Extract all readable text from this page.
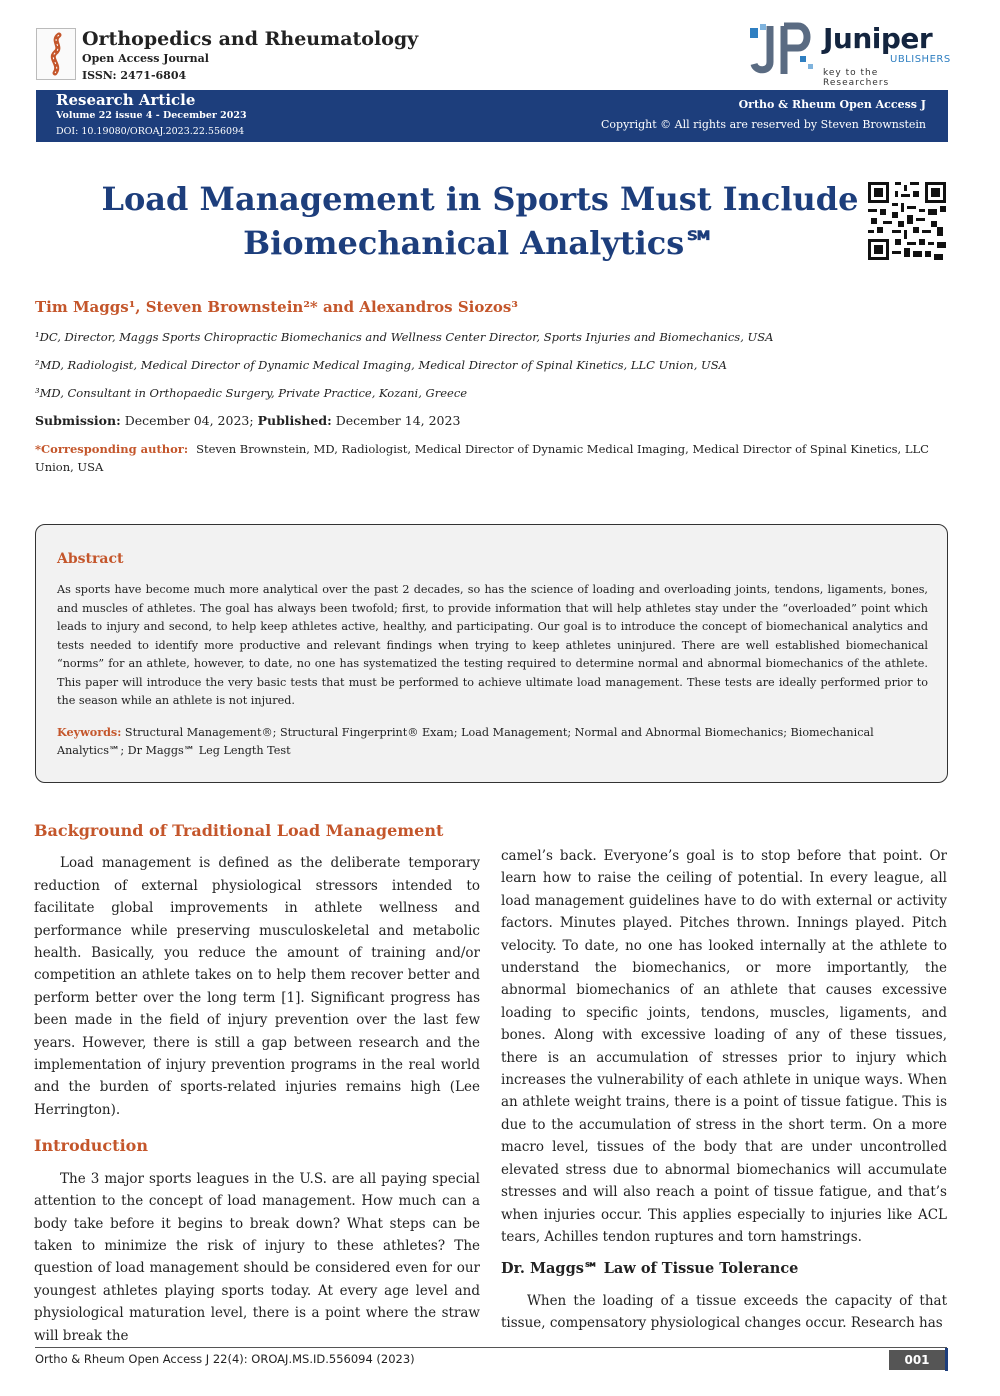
Orthopedics and Rheumatology
Open Access Journal
ISSN: 2471-6804
Juniper
UBLISHERS
key to the Researchers
Research Article
Volume 22 issue 4 - December 2023
DOI: 10.19080/OROAJ.2023.22.556094
Ortho & Rheum Open Access J
Copyright © All rights are reserved by Steven Brownstein
Load Management in Sports Must Include Biomechanical Analytics℠
Tim Maggs¹, Steven Brownstein²* and Alexandros Siozos³
¹DC, Director, Maggs Sports Chiropractic Biomechanics and Wellness Center Director, Sports Injuries and Biomechanics, USA
²MD, Radiologist, Medical Director of Dynamic Medical Imaging, Medical Director of Spinal Kinetics, LLC Union, USA
³MD, Consultant in Orthopaedic Surgery, Private Practice, Kozani, Greece
Submission: December 04, 2023; Published: December 14, 2023
*Corresponding author: Steven Brownstein, MD, Radiologist, Medical Director of Dynamic Medical Imaging, Medical Director of Spinal Kinetics, LLC Union, USA
Abstract
As sports have become much more analytical over the past 2 decades, so has the science of loading and overloading joints, tendons, ligaments, bones, and muscles of athletes. The goal has always been twofold; first, to provide information that will help athletes stay under the “overloaded” point which leads to injury and second, to help keep athletes active, healthy, and participating. Our goal is to introduce the concept of biomechanical analytics and tests needed to identify more productive and relevant findings when trying to keep athletes uninjured. There are well established biomechanical “norms” for an athlete, however, to date, no one has systematized the testing required to determine normal and abnormal biomechanics of the athlete. This paper will introduce the very basic tests that must be performed to achieve ultimate load management. These tests are ideally performed prior to the season while an athlete is not injured.
Keywords: Structural Management®; Structural Fingerprint® Exam; Load Management; Normal and Abnormal Biomechanics; Biomechanical Analytics℠; Dr Maggs℠ Leg Length Test
Background of Traditional Load Management
Load management is defined as the deliberate temporary reduction of external physiological stressors intended to facilitate global improvements in athlete wellness and performance while preserving musculoskeletal and metabolic health. Basically, you reduce the amount of training and/or competition an athlete takes on to help them recover better and perform better over the long term [1]. Significant progress has been made in the field of injury prevention over the last few years. However, there is still a gap between research and the implementation of injury prevention programs in the real world and the burden of sports-related injuries remains high (Lee Herrington).
Introduction
The 3 major sports leagues in the U.S. are all paying special attention to the concept of load management. How much can a body take before it begins to break down? What steps can be taken to minimize the risk of injury to these athletes? The question of load management should be considered even for our youngest athletes playing sports today. At every age level and physiological maturation level, there is a point where the straw will break the
camel’s back. Everyone’s goal is to stop before that point. Or learn how to raise the ceiling of potential. In every league, all load management guidelines have to do with external or activity factors. Minutes played. Pitches thrown. Innings played. Pitch velocity. To date, no one has looked internally at the athlete to understand the biomechanics, or more importantly, the abnormal biomechanics of an athlete that causes excessive loading to specific joints, tendons, muscles, ligaments, and bones. Along with excessive loading of any of these tissues, there is an accumulation of stresses prior to injury which increases the vulnerability of each athlete in unique ways. When an athlete weight trains, there is a point of tissue fatigue. This is due to the accumulation of stress in the short term. On a more macro level, tissues of the body that are under uncontrolled elevated stress due to abnormal biomechanics will accumulate stresses and will also reach a point of tissue fatigue, and that’s when injuries occur. This applies especially to injuries like ACL tears, Achilles tendon ruptures and torn hamstrings.
Dr. Maggs℠ Law of Tissue Tolerance
When the loading of a tissue exceeds the capacity of that tissue, compensatory physiological changes occur. Research has
Ortho & Rheum Open Access J 22(4): OROAJ.MS.ID.556094 (2023)	001
